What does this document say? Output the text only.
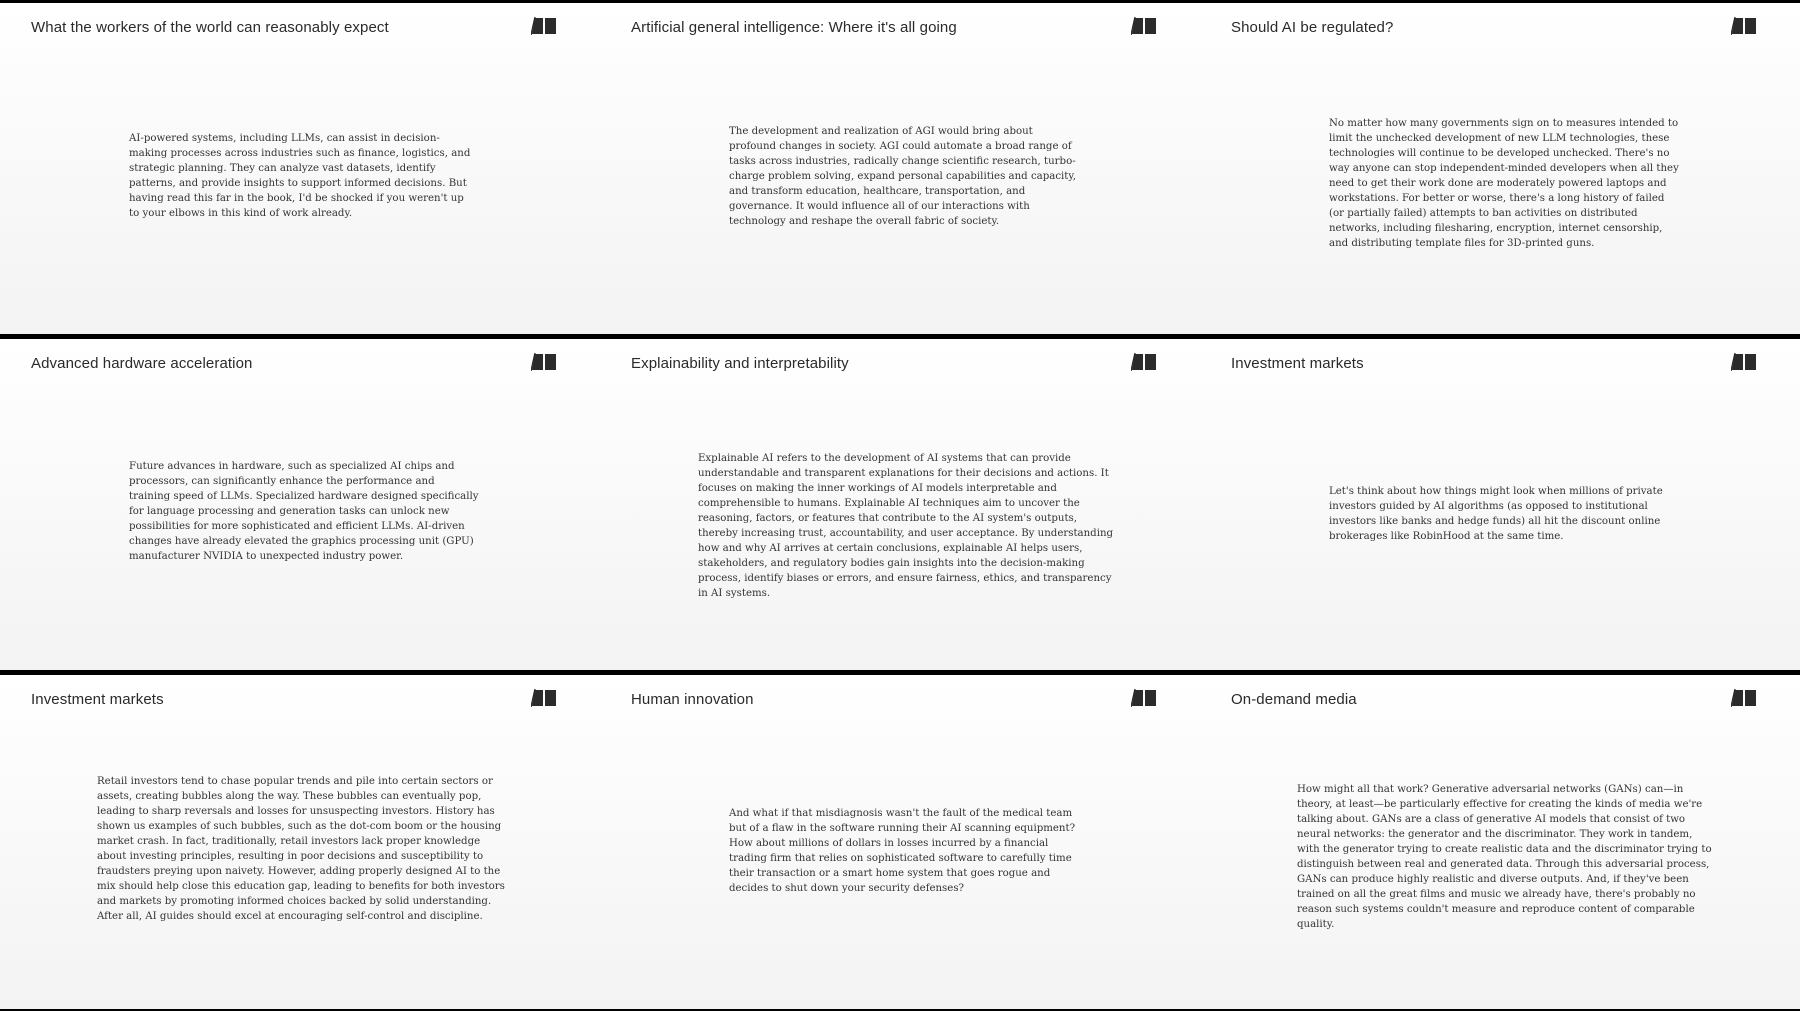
What the workers of the world can reasonably expect

AI-powered systems, including LLMs, can assist in decision-making processes across industries such as finance, logistics, and strategic planning. They can analyze vast datasets, identify patterns, and provide insights to support informed decisions. But having read this far in the book, I'd be shocked if you weren't up to your elbows in this kind of work already.

Artificial general intelligence: Where it's all going

The development and realization of AGI would bring about profound changes in society. AGI could automate a broad range of tasks across industries, radically change scientific research, turbo-charge problem solving, expand personal capabilities and capacity, and transform education, healthcare, transportation, and governance. It would influence all of our interactions with technology and reshape the overall fabric of society.

Should AI be regulated?

No matter how many governments sign on to measures intended to limit the unchecked development of new LLM technologies, these technologies will continue to be developed unchecked. There's no way anyone can stop independent-minded developers when all they need to get their work done are moderately powered laptops and workstations. For better or worse, there's a long history of failed (or partially failed) attempts to ban activities on distributed networks, including filesharing, encryption, internet censorship, and distributing template files for 3D-printed guns.

Advanced hardware acceleration

Future advances in hardware, such as specialized AI chips and processors, can significantly enhance the performance and training speed of LLMs. Specialized hardware designed specifically for language processing and generation tasks can unlock new possibilities for more sophisticated and efficient LLMs. AI-driven changes have already elevated the graphics processing unit (GPU) manufacturer NVIDIA to unexpected industry power.

Explainability and interpretability

Explainable AI refers to the development of AI systems that can provide understandable and transparent explanations for their decisions and actions. It focuses on making the inner workings of AI models interpretable and comprehensible to humans. Explainable AI techniques aim to uncover the reasoning, factors, or features that contribute to the AI system's outputs, thereby increasing trust, accountability, and user acceptance. By understanding how and why AI arrives at certain conclusions, explainable AI helps users, stakeholders, and regulatory bodies gain insights into the decision-making process, identify biases or errors, and ensure fairness, ethics, and transparency in AI systems.

Investment markets

Let's think about how things might look when millions of private investors guided by AI algorithms (as opposed to institutional investors like banks and hedge funds) all hit the discount online brokerages like RobinHood at the same time.

Investment markets

Retail investors tend to chase popular trends and pile into certain sectors or assets, creating bubbles along the way. These bubbles can eventually pop, leading to sharp reversals and losses for unsuspecting investors. History has shown us examples of such bubbles, such as the dot-com boom or the housing market crash. In fact, traditionally, retail investors lack proper knowledge about investing principles, resulting in poor decisions and susceptibility to fraudsters preying upon naivety. However, adding properly designed AI to the mix should help close this education gap, leading to benefits for both investors and markets by promoting informed choices backed by solid understanding. After all, AI guides should excel at encouraging self-control and discipline.

Human innovation

And what if that misdiagnosis wasn't the fault of the medical team but of a flaw in the software running their AI scanning equipment? How about millions of dollars in losses incurred by a financial trading firm that relies on sophisticated software to carefully time their transaction or a smart home system that goes rogue and decides to shut down your security defenses?

On-demand media

How might all that work? Generative adversarial networks (GANs) can—in theory, at least—be particularly effective for creating the kinds of media we're talking about. GANs are a class of generative AI models that consist of two neural networks: the generator and the discriminator. They work in tandem, with the generator trying to create realistic data and the discriminator trying to distinguish between real and generated data. Through this adversarial process, GANs can produce highly realistic and diverse outputs. And, if they've been trained on all the great films and music we already have, there's probably no reason such systems couldn't measure and reproduce content of comparable quality.
